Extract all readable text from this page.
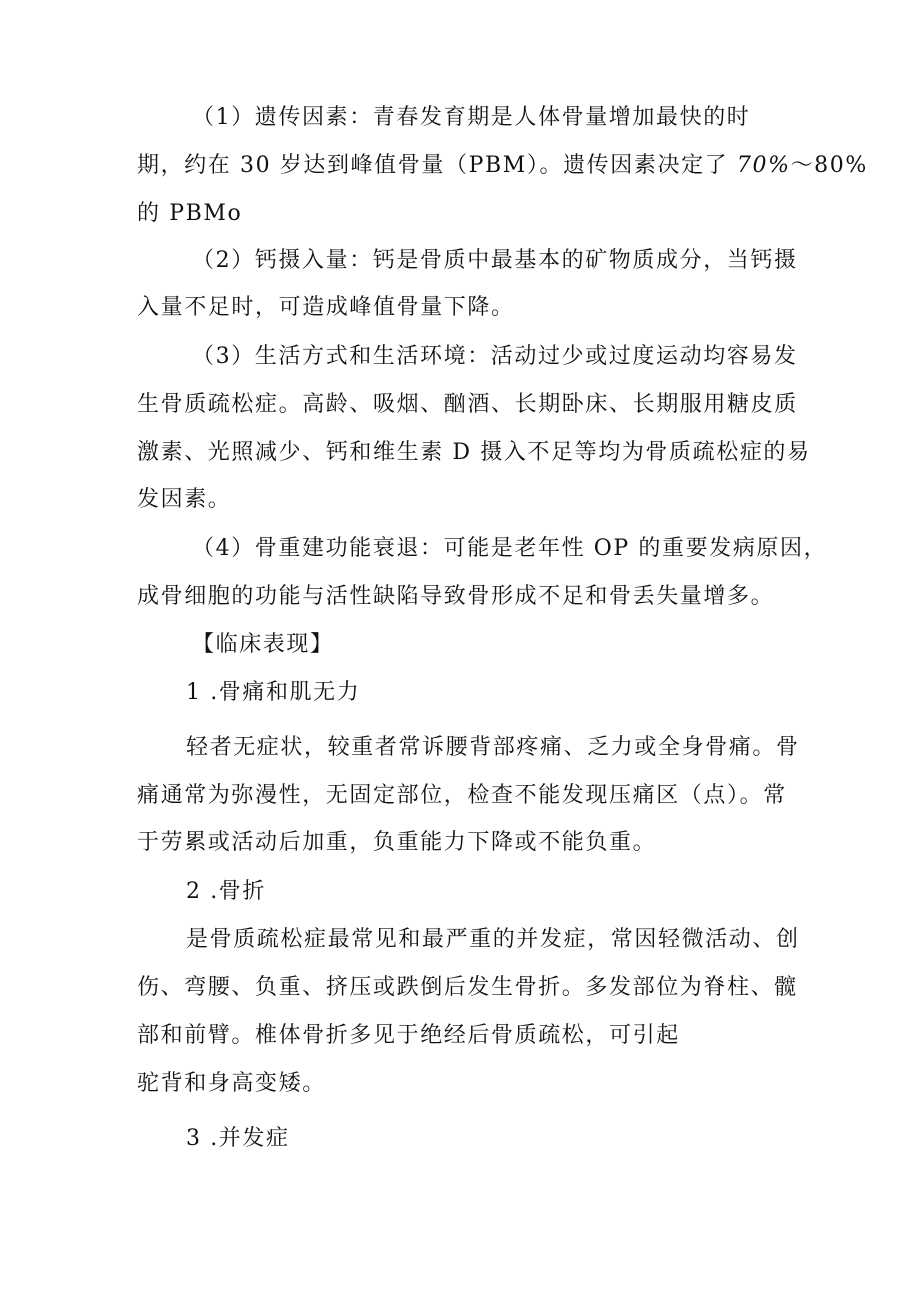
（1）遗传因素：青春发育期是人体骨量增加最快的时
期，约在 30 岁达到峰值骨量（PBM）。遗传因素决定了 70%～80%
的 PBMo
（2）钙摄入量：钙是骨质中最基本的矿物质成分，当钙摄
入量不足时，可造成峰值骨量下降。
（3）生活方式和生活环境：活动过少或过度运动均容易发
生骨质疏松症。高龄、吸烟、酗酒、长期卧床、长期服用糖皮质
激素、光照减少、钙和维生素 D 摄入不足等均为骨质疏松症的易
发因素。
（4）骨重建功能衰退：可能是老年性 OP 的重要发病原因，
成骨细胞的功能与活性缺陷导致骨形成不足和骨丢失量增多。
【临床表现】
1 .骨痛和肌无力
轻者无症状，较重者常诉腰背部疼痛、乏力或全身骨痛。骨
痛通常为弥漫性，无固定部位，检查不能发现压痛区（点）。常
于劳累或活动后加重，负重能力下降或不能负重。
2 .骨折
是骨质疏松症最常见和最严重的并发症，常因轻微活动、创
伤、弯腰、负重、挤压或跌倒后发生骨折。多发部位为脊柱、髋
部和前臂。椎体骨折多见于绝经后骨质疏松，可引起
驼背和身高变矮。
3 .并发症
